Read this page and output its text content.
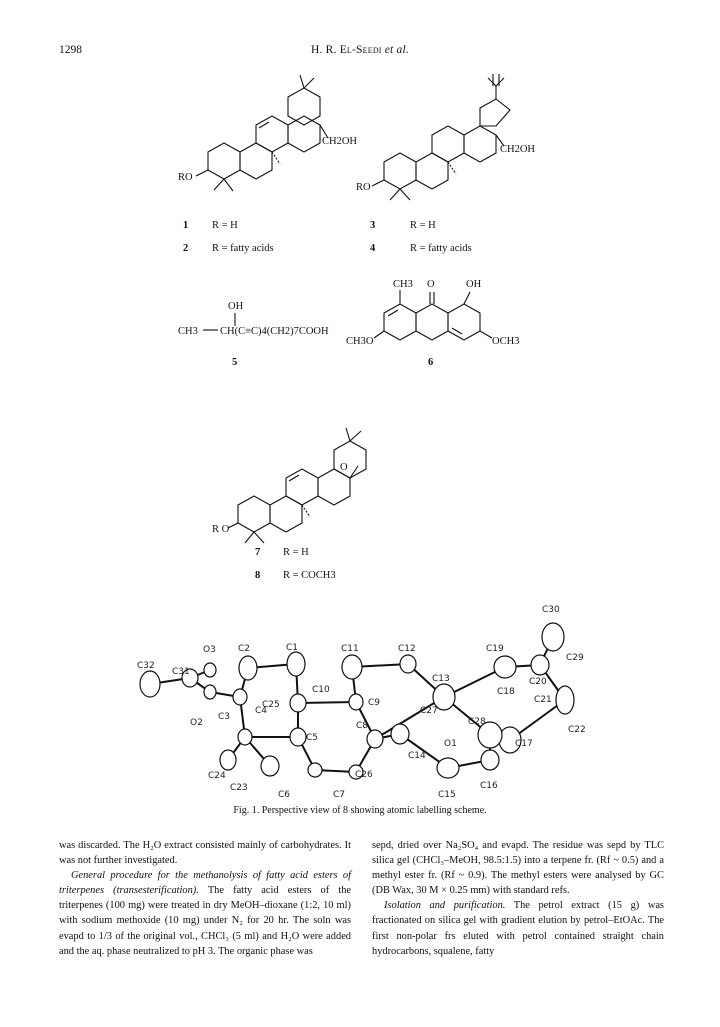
1298	H. R. El-Seedi et al.
CH2OH
RO
1 R = H
2 R = fatty acids
CH2OH
RO
3	R = H
4	R = fatty acids
OH
CH3 CH(C≡C)4(CH2)7COOH
5
CH3 O	OH
CH3O	OCH3
6
O
R O
7 R = H
8 R = COCH3
C30
C32
C31
O3 C2	C1	C11	C12	C19
C29
C20
C13
C10	C18
C21
C25	C9
C27
C28
C22
O2
C3
C8
O1	C17
C4
C5
C14
C16
C26
C24
C23
C6	C7	C15
Fig. 1. Perspective view of 8 showing atomic labelling scheme.

was discarded. The H₂O extract consisted mainly of carbohydrates. It was not further investigated.

General procedure for the methanolysis of fatty acid esters of triterpenes (transesterification). The fatty acid esters of the triterpenes (100 mg) were treated in dry MeOH–dioxane (1:2, 10 ml) with sodium methoxide (10 mg) under N₂ for 20 hr. The soln was evapd to 1/3 of the original vol., CHCl₃ (5 ml) and H₂O were added and the aq. phase neutralized to pH 3. The organic phase was

sepd, dried over Na₂SO₄ and evapd. The residue was sepd by TLC silica gel (CHCl₃–MeOH, 98.5:1.5) into a terpene fr. (Rf ~ 0.5) and a methyl ester fr. (Rf ~ 0.9). The methyl esters were analysed by GC (DB Wax, 30 M × 0.25 mm) with standard refs.

Isolation and purification. The petrol extract (15 g) was fractionated on silica gel with gradient elution by petrol–EtOAc. The first non-polar frs eluted with petrol contained straight chain hydrocarbons, squalene, fatty
